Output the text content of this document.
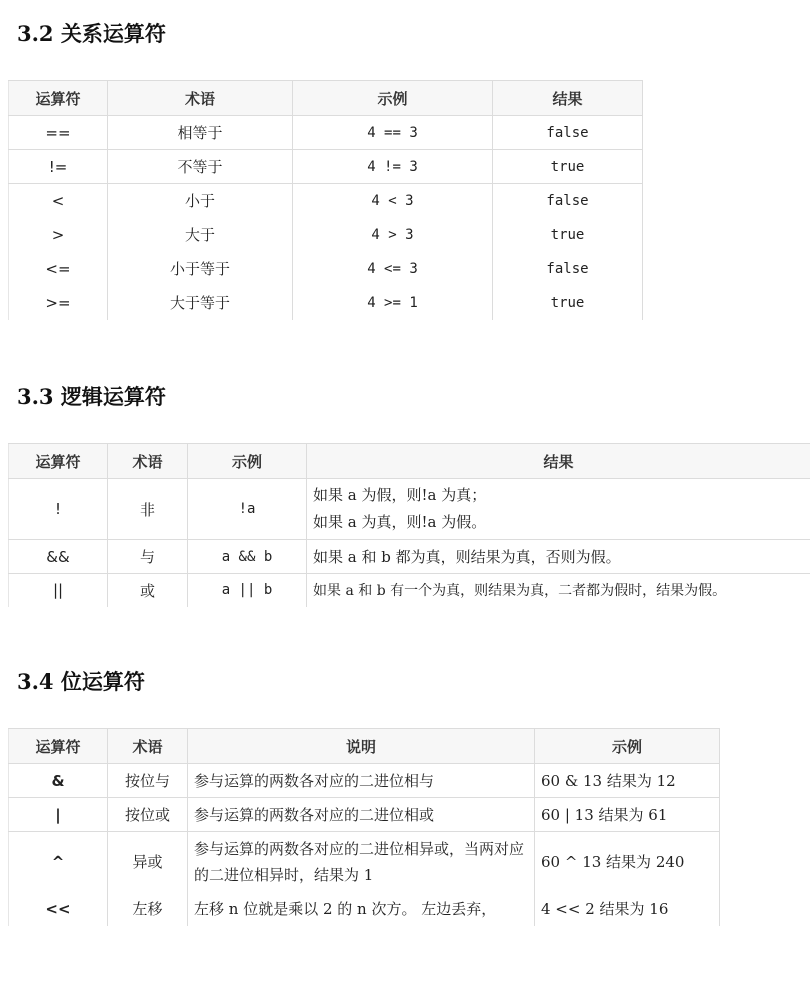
3.2 关系运算符
运算符	术语	示例	结果
==	相等于	4 == 3	false
!=	不等于	4 != 3	true
<	小于	4 < 3	false
>	大于	4 > 3	true
<=	小于等于	4 <= 3	false
>=	大于等于	4 >= 1	true
3.3 逻辑运算符
运算符	术语	示例	结果
!	非	!a	如果 a 为假，则!a 为真；
如果 a 为真，则!a 为假。

&&	与	a && b	如果 a 和 b 都为真，则结果为真，否则为假。
||	或	a || b	如果 a 和 b 有一个为真，则结果为真，二者都为假时，结果为假。
3.4 位运算符
运算符	术语	说明	示例
&	按位与	参与运算的两数各对应的二进位相与	60 & 13 结果为 12
|	按位或	参与运算的两数各对应的二进位相或	60 | 13 结果为 61
^	异或	参与运算的两数各对应的二进位相异或，当两对应的二进位相异时，结果为 1	60 ^ 13 结果为 240
<<	左移	左移 n 位就是乘以 2 的 n 次方。 左边丢弃，	4 << 2 结果为 16
